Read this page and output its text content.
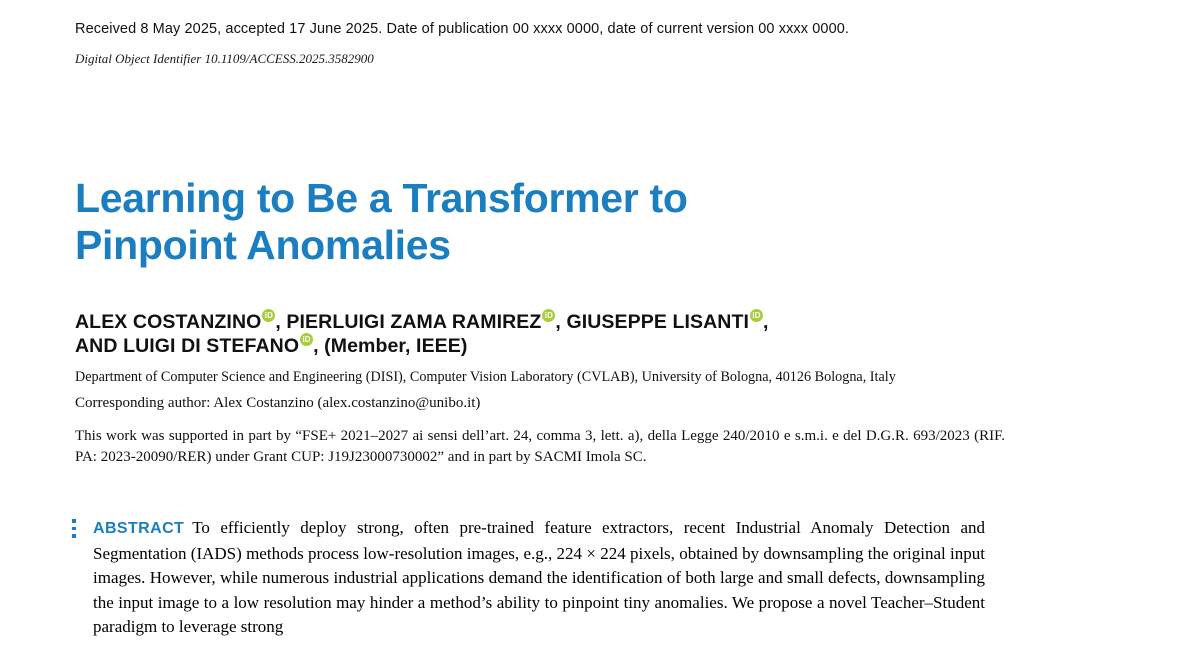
Received 8 May 2025, accepted 17 June 2025. Date of publication 00 xxxx 0000, date of current version 00 xxxx 0000.
Digital Object Identifier 10.1109/ACCESS.2025.3582900
Learning to Be a Transformer to
Pinpoint Anomalies
ALEX COSTANZINO iD , PIERLUIGI ZAMA RAMIREZ iD , GIUSEPPE LISANTI iD ,
AND LUIGI DI STEFANO iD , (Member, IEEE)
Department of Computer Science and Engineering (DISI), Computer Vision Laboratory (CVLAB), University of Bologna, 40126 Bologna, Italy
Corresponding author: Alex Costanzino (alex.costanzino@unibo.it)
This work was supported in part by “FSE+ 2021–2027 ai sensi dell’art. 24, comma 3, lett. a), della Legge 240/2010 e s.m.i. e del D.G.R. 693/2023 (RIF. PA: 2023-20090/RER) under Grant CUP: J19J23000730002” and in part by SACMI Imola SC.
ABSTRACT To efficiently deploy strong, often pre-trained feature extractors, recent Industrial Anomaly Detection and Segmentation (IADS) methods process low-resolution images, e.g., 224 × 224 pixels, obtained by downsampling the original input images. However, while numerous industrial applications demand the identification of both large and small defects, downsampling the input image to a low resolution may hinder a method’s ability to pinpoint tiny anomalies. We propose a novel Teacher–Student paradigm to leverage strong
